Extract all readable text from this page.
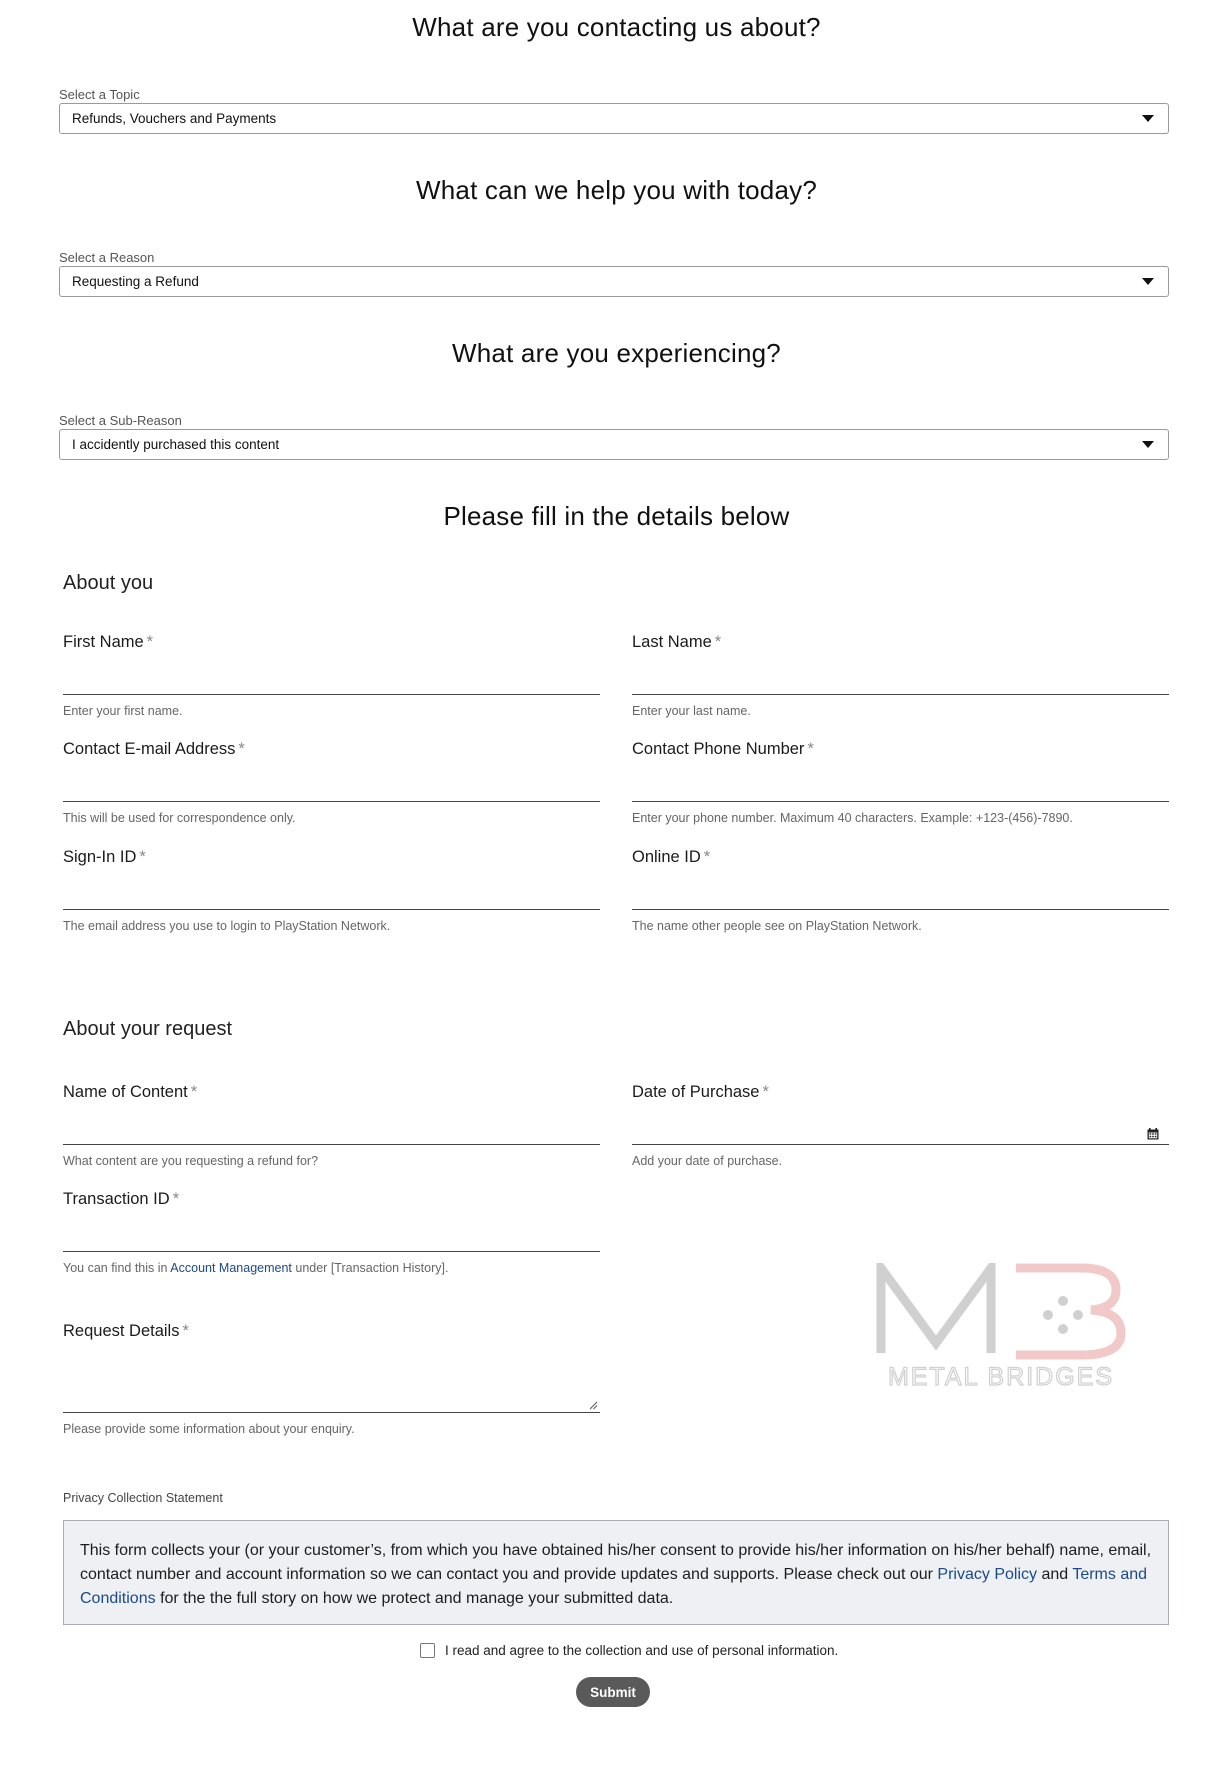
What are you contacting us about?
Select a Topic
Refunds, Vouchers and Payments
What can we help you with today?
Select a Reason
Requesting a Refund
What are you experiencing?
Select a Sub-Reason
I accidently purchased this content
Please fill in the details below
About you
First Name *
Enter your first name.
Last Name *
Enter your last name.
Contact E-mail Address *
This will be used for correspondence only.
Contact Phone Number *
Enter your phone number. Maximum 40 characters. Example: +123-(456)-7890.
Sign-In ID *
The email address you use to login to PlayStation Network.
Online ID *
The name other people see on PlayStation Network.
About your request
Name of Content *
What content are you requesting a refund for?
Date of Purchase *
Add your date of purchase.
Transaction ID *
You can find this in Account Management under [Transaction History].
Request Details *
Please provide some information about your enquiry.
METAL BRIDGES
Privacy Collection Statement
This form collects your (or your customer’s, from which you have obtained his/her consent to provide his/her information on his/her behalf) name, email, contact number and account information so we can contact you and provide updates and supports. Please check out our Privacy Policy and Terms and Conditions for the the full story on how we protect and manage your submitted data.
I read and agree to the collection and use of personal information.
Submit
